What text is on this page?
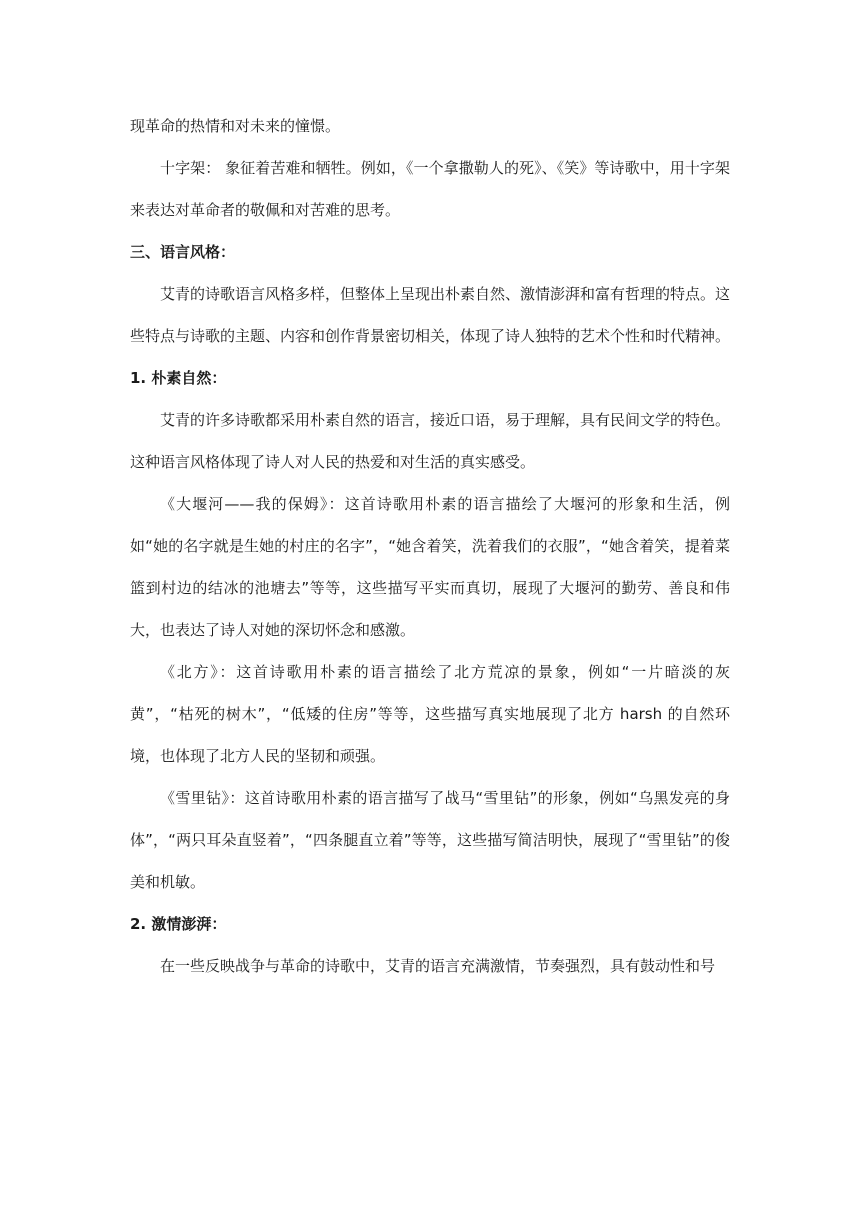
现革命的热情和对未来的憧憬。

十字架： 象征着苦难和牺牲。例如，《一个拿撒勒人的死》、《笑》等诗歌中，用十字架来表达对革命者的敬佩和对苦难的思考。

三、语言风格：

艾青的诗歌语言风格多样，但整体上呈现出朴素自然、激情澎湃和富有哲理的特点。这些特点与诗歌的主题、内容和创作背景密切相关，体现了诗人独特的艺术个性和时代精神。

1. 朴素自然：

艾青的许多诗歌都采用朴素自然的语言，接近口语，易于理解，具有民间文学的特色。这种语言风格体现了诗人对人民的热爱和对生活的真实感受。

《大堰河——我的保姆》：这首诗歌用朴素的语言描绘了大堰河的形象和生活，例如“她的名字就是生她的村庄的名字”，“她含着笑，洗着我们的衣服”，“她含着笑，提着菜篮到村边的结冰的池塘去”等等，这些描写平实而真切，展现了大堰河的勤劳、善良和伟大，也表达了诗人对她的深切怀念和感激。

《北方》：这首诗歌用朴素的语言描绘了北方荒凉的景象，例如“一片暗淡的灰黄”，“枯死的树木”，“低矮的住房”等等，这些描写真实地展现了北方 harsh 的自然环境，也体现了北方人民的坚韧和顽强。

《雪里钻》：这首诗歌用朴素的语言描写了战马“雪里钻”的形象，例如“乌黑发亮的身体”，“两只耳朵直竖着”，“四条腿直立着”等等，这些描写简洁明快，展现了“雪里钻”的俊美和机敏。

2. 激情澎湃：

在一些反映战争与革命的诗歌中，艾青的语言充满激情，节奏强烈，具有鼓动性和号
